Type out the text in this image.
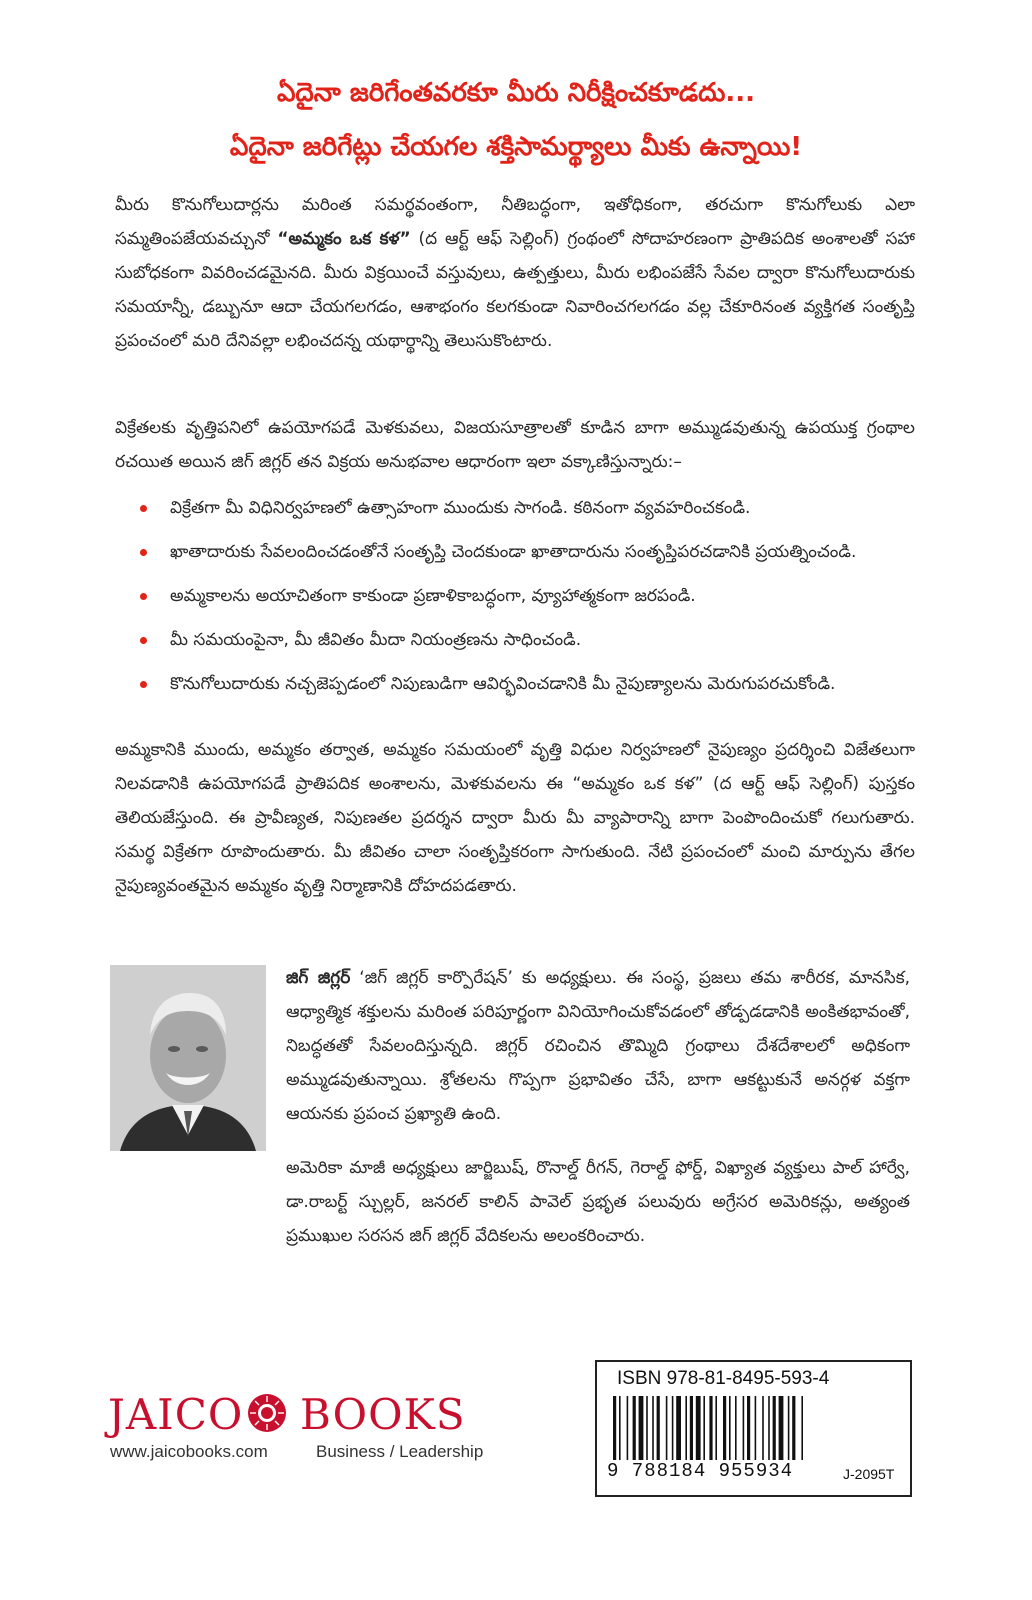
ఏదైనా జరిగేంతవరకూ మీరు నిరీక్షించకూడదు...
ఏదైనా జరిగేట్లు చేయగల శక్తిసామర్థ్యాలు మీకు ఉన్నాయి!

మీరు కొనుగోలుదార్లను మరింత సమర్థవంతంగా, నీతిబద్ధంగా, ఇతోధికంగా, తరచుగా కొనుగోలుకు ఎలా సమ్మతింపజేయవచ్చునో “అమ్మకం ఒక కళ” (ద ఆర్ట్ ఆఫ్ సెల్లింగ్) గ్రంథంలో సోదాహరణంగా ప్రాతిపదిక అంశాలతో సహా సుబోధకంగా వివరించడమైనది. మీరు విక్రయించే వస్తువులు, ఉత్పత్తులు, మీరు లభింపజేసే సేవల ద్వారా కొనుగోలుదారుకు సమయాన్నీ, డబ్బునూ ఆదా చేయగలగడం, ఆశాభంగం కలగకుండా నివారించగలగడం వల్ల చేకూరినంత వ్యక్తిగత సంతృప్తి ప్రపంచంలో మరి దేనివల్లా లభించదన్న యథార్థాన్ని తెలుసుకొంటారు.

విక్రేతలకు వృత్తిపనిలో ఉపయోగపడే మెళకువలు, విజయసూత్రాలతో కూడిన బాగా అమ్ముడవుతున్న ఉపయుక్త గ్రంథాల రచయిత అయిన జిగ్ జిగ్లర్ తన విక్రయ అనుభవాల ఆధారంగా ఇలా వక్కాణిస్తున్నారు:–

విక్రేతగా మీ విధినిర్వహణలో ఉత్సాహంగా ముందుకు సాగండి. కఠినంగా వ్యవహరించకండి.
ఖాతాదారుకు సేవలందించడంతోనే సంతృప్తి చెందకుండా ఖాతాదారును సంతృప్తిపరచడానికి ప్రయత్నించండి.
అమ్మకాలను అయాచితంగా కాకుండా ప్రణాళికాబద్ధంగా, వ్యూహాత్మకంగా జరపండి.
మీ సమయంపైనా, మీ జీవితం మీదా నియంత్రణను సాధించండి.
కొనుగోలుదారుకు నచ్చజెప్పడంలో నిపుణుడిగా ఆవిర్భవించడానికి మీ నైపుణ్యాలను మెరుగుపరచుకోండి.

అమ్మకానికి ముందు, అమ్మకం తర్వాత, అమ్మకం సమయంలో వృత్తి విధుల నిర్వహణలో నైపుణ్యం ప్రదర్శించి విజేతలుగా నిలవడానికి ఉపయోగపడే ప్రాతిపదిక అంశాలను, మెళకువలను ఈ “అమ్మకం ఒక కళ” (ద ఆర్ట్ ఆఫ్ సెల్లింగ్) పుస్తకం తెలియజేస్తుంది. ఈ ప్రావీణ్యత, నిపుణతల ప్రదర్శన ద్వారా మీరు మీ వ్యాపారాన్ని బాగా పెంపొందించుకో గలుగుతారు. సమర్థ విక్రేతగా రూపొందుతారు. మీ జీవితం చాలా సంతృప్తికరంగా సాగుతుంది. నేటి ప్రపంచంలో మంచి మార్పును తేగల నైపుణ్యవంతమైన అమ్మకం వృత్తి నిర్మాణానికి దోహదపడతారు.

జిగ్ జిగ్లర్ ‘జిగ్ జిగ్లర్ కార్పొరేషన్’ కు అధ్యక్షులు. ఈ సంస్థ, ప్రజలు తమ శారీరక, మానసిక, ఆధ్యాత్మిక శక్తులను మరింత పరిపూర్ణంగా వినియోగించుకోవడంలో తోడ్పడడానికి అంకితభావంతో, నిబద్ధతతో సేవలందిస్తున్నది. జిగ్లర్ రచించిన తొమ్మిది గ్రంథాలు దేశదేశాలలో అధికంగా అమ్ముడవుతున్నాయి. శ్రోతలను గొప్పగా ప్రభావితం చేసే, బాగా ఆకట్టుకునే అనర్గళ వక్తగా ఆయనకు ప్రపంచ ప్రఖ్యాతి ఉంది.

అమెరికా మాజీ అధ్యక్షులు జార్జిబుష్, రొనాల్డ్ రీగన్, గెరాల్డ్ ఫోర్డ్, విఖ్యాత వ్యక్తులు పాల్ హార్వే, డా.రాబర్ట్ స్చుల్లర్, జనరల్ కాలిన్ పావెల్ ప్రభృత పలువురు అగ్రేసర అమెరికన్లు, అత్యంత ప్రముఖుల సరసన జిగ్ జిగ్లర్ వేదికలను అలంకరించారు.

JAICO BOOKS
www.jaicobooks.com	Business / Leadership
ISBN 978-81-8495-593-4
9 788184 955934	J-2095T
